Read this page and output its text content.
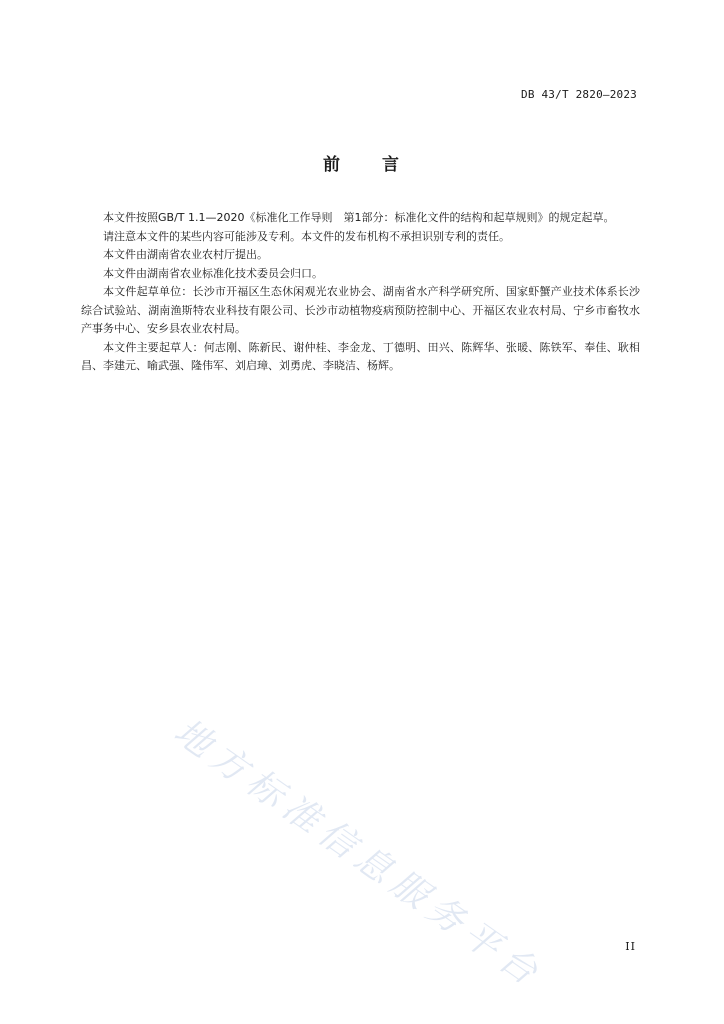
DB 43/T 2820—2023
前 言

本文件按照GB/T 1.1—2020《标准化工作导则　第1部分：标准化文件的结构和起草规则》的规定起草。

请注意本文件的某些内容可能涉及专利。本文件的发布机构不承担识别专利的责任。

本文件由湖南省农业农村厅提出。

本文件由湖南省农业标准化技术委员会归口。

本文件起草单位：长沙市开福区生态休闲观光农业协会、湖南省水产科学研究所、国家虾蟹产业技术体系长沙综合试验站、湖南渔斯特农业科技有限公司、长沙市动植物疫病预防控制中心、开福区农业农村局、宁乡市畜牧水产事务中心、安乡县农业农村局。

本文件主要起草人：何志刚、陈新民、谢仲桂、李金龙、丁德明、田兴、陈辉华、张暖、陈铁军、奉佳、耿相昌、李建元、喻武强、隆伟军、刘启璋、刘勇虎、李晓洁、杨辉。

地方标准信息服务平台	II
